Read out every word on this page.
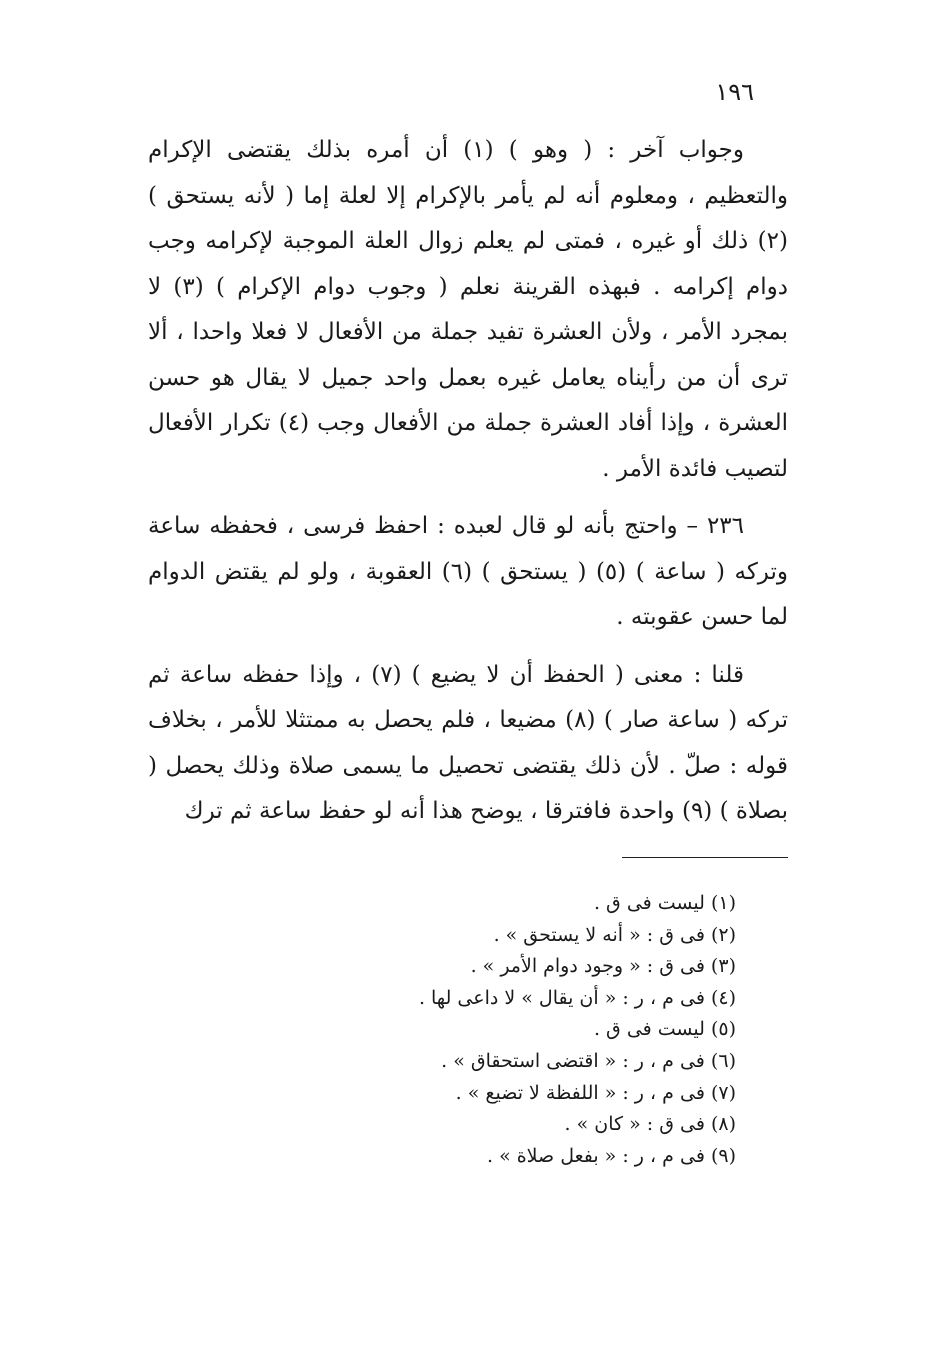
١٩٦

وجواب آخر : ( وهو ) (١) أن أمره بذلك يقتضى الإكرام والتعظيم ، ومعلوم أنه لم يأمر بالإكرام إلا لعلة إما ( لأنه يستحق ) (٢) ذلك أو غيره ، فمتى لم يعلم زوال العلة الموجبة لإكرامه وجب دوام إكرامه . فبهذه القرينة نعلم ( وجوب دوام الإكرام ) (٣) لا بمجرد الأمر ، ولأن العشرة تفيد جملة من الأفعال لا فعلا واحدا ، ألا ترى أن من رأيناه يعامل غيره بعمل واحد جميل لا يقال هو حسن العشرة ، وإذا أفاد العشرة جملة من الأفعال وجب (٤) تكرار الأفعال لتصيب فائدة الأمر .

٢٣٦ – واحتج بأنه لو قال لعبده : احفظ فرسى ، فحفظه ساعة وتركه ( ساعة ) (٥) ( يستحق ) (٦) العقوبة ، ولو لم يقتض الدوام لما حسن عقوبته .

قلنا : معنى ( الحفظ أن لا يضيع ) (٧) ، وإذا حفظه ساعة ثم تركه ( ساعة صار ) (٨) مضيعا ، فلم يحصل به ممتثلا للأمر ، بخلاف قوله : صلّ . لأن ذلك يقتضى تحصيل ما يسمى صلاة وذلك يحصل ( بصلاة ) (٩) واحدة فافترقا ، يوضح هذا أنه لو حفظ ساعة ثم ترك

(١) ليست فى ق .
(٢) فى ق : « أنه لا يستحق » .
(٣) فى ق : « وجود دوام الأمر » .
(٤) فى م ، ر : « أن يقال » لا داعى لها .
(٥) ليست فى ق .
(٦) فى م ، ر : « اقتضى استحقاق » .
(٧) فى م ، ر : « اللفظة لا تضيع » .
(٨) فى ق : « كان » .
(٩) فى م ، ر : « بفعل صلاة » .
